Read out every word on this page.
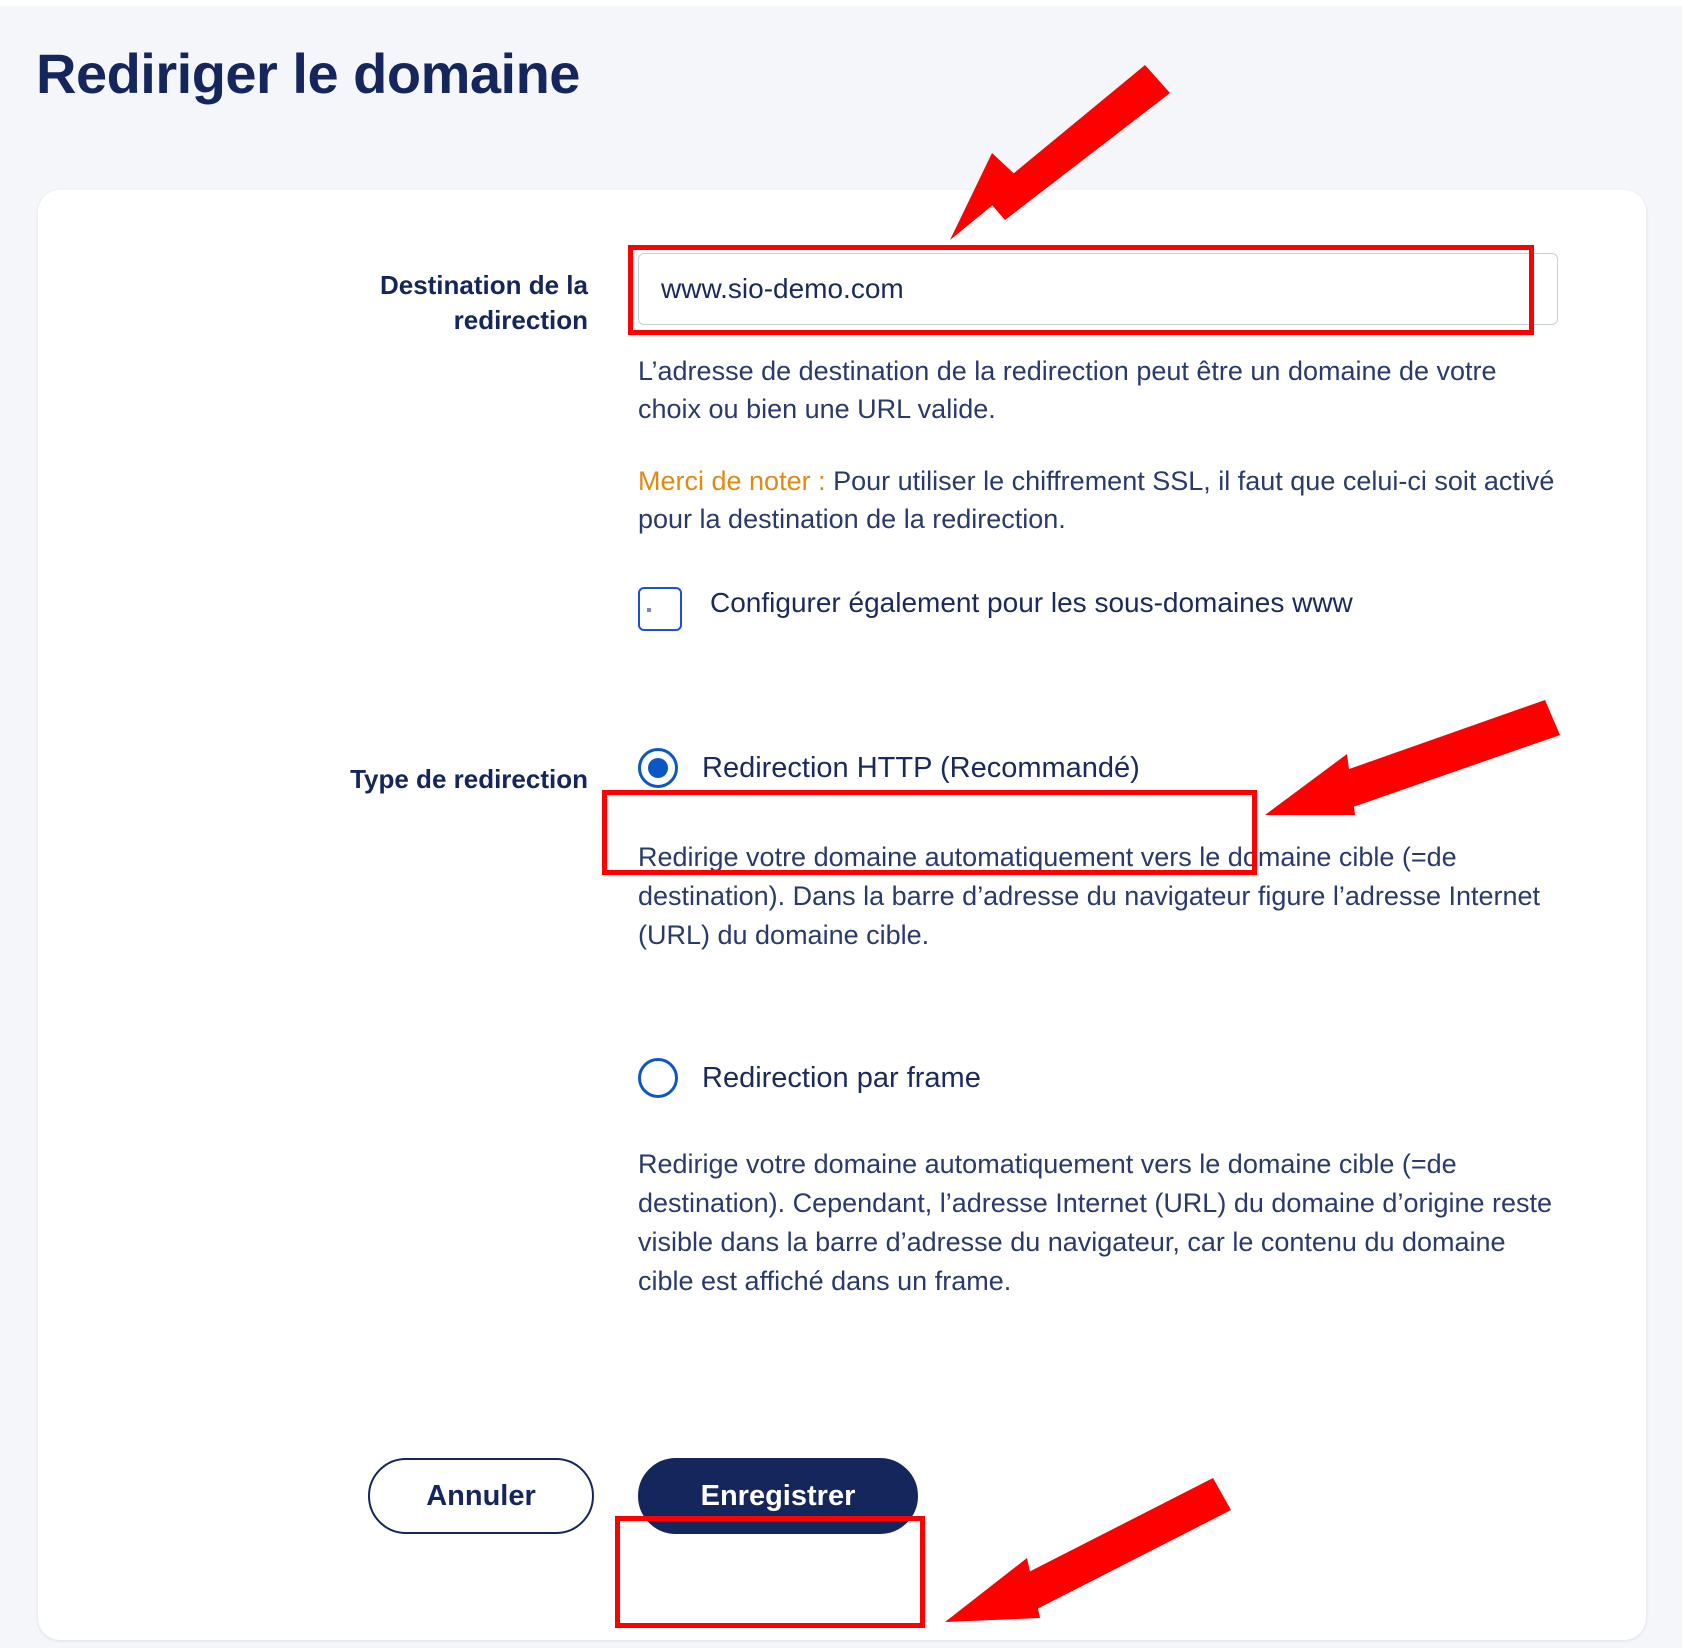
Rediriger le domaine
Destination de la redirection
www.sio-demo.com
L’adresse de destination de la redirection peut être un domaine de votre choix ou bien une URL valide.
Merci de noter : Pour utiliser le chiffrement SSL, il faut que celui-ci soit activé pour la destination de la redirection.
Configurer également pour les sous-domaines www
Type de redirection	Redirection HTTP (Recommandé)
Redirige votre domaine automatiquement vers le domaine cible (=de destination). Dans la barre d’adresse du navigateur figure l’adresse Internet (URL) du domaine cible.
Redirection par frame
Redirige votre domaine automatiquement vers le domaine cible (=de destination). Cependant, l’adresse Internet (URL) du domaine d’origine reste visible dans la barre d’adresse du navigateur, car le contenu du domaine cible est affiché dans un frame.
Annuler	Enregistrer
